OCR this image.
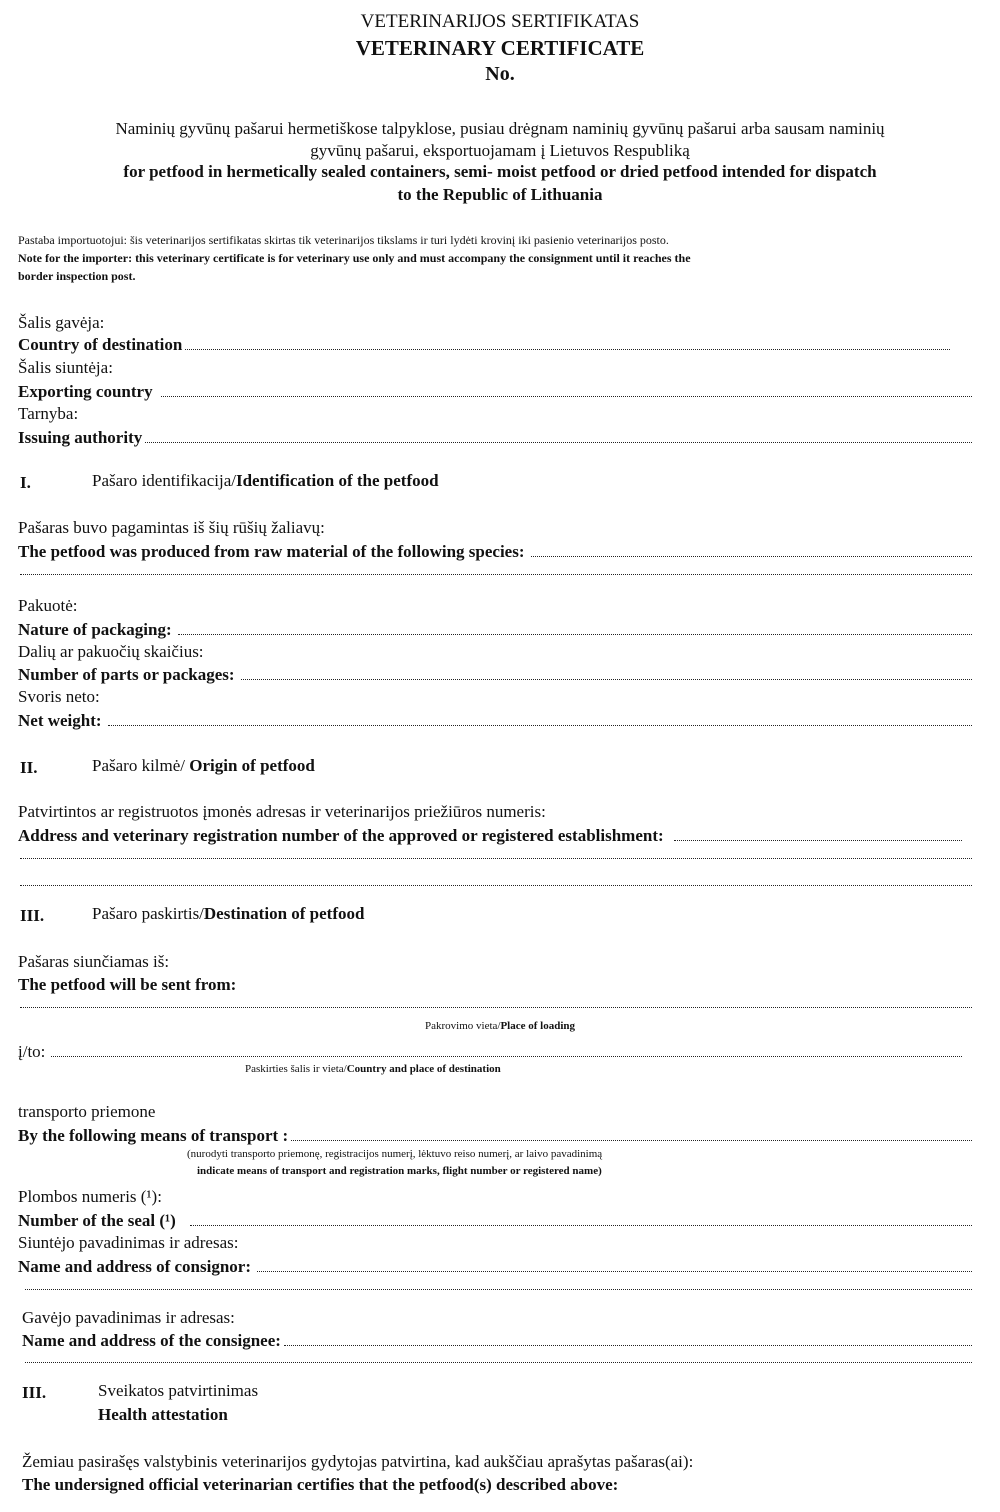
VETERINARIJOS SERTIFIKATAS
VETERINARY CERTIFICATE
No.
Naminių gyvūnų pašarui hermetiškose talpyklose, pusiau drėgnam naminių gyvūnų pašarui arba sausam naminių
gyvūnų pašarui, eksportuojamam į Lietuvos Respubliką
for petfood in hermetically sealed containers, semi- moist petfood or dried petfood intended for dispatch
to the Republic of Lithuania
Pastaba importuotojui: šis veterinarijos sertifikatas skirtas tik veterinarijos tikslams ir turi lydėti krovinį iki pasienio veterinarijos posto.
Note for the importer: this veterinary certificate is for veterinary use only and must accompany the consignment until it reaches the
border inspection post.
Šalis gavėja:
Country of destination
Šalis siuntėja:
Exporting country
Tarnyba:
Issuing authority
I.	Pašaro identifikacija/Identification of the petfood
Pašaras buvo pagamintas iš šių rūšių žaliavų:
The petfood was produced from raw material of the following species:
Pakuotė:
Nature of packaging:
Dalių ar pakuočių skaičius:
Number of parts or packages:
Svoris neto:
Net weight:
II.	Pašaro kilmė/ Origin of petfood
Patvirtintos ar registruotos įmonės adresas ir veterinarijos priežiūros numeris:
Address and veterinary registration number of the approved or registered establishment:
III.	Pašaro paskirtis/Destination of petfood
Pašaras siunčiamas iš:
The petfood will be sent from:
Pakrovimo vieta/Place of loading
į/to:
Paskirties šalis ir vieta/Country and place of destination
transporto priemone
By the following means of transport :
(nurodyti transporto priemonę, registracijos numerį, lėktuvo reiso numerį, ar laivo pavadinimą
indicate means of transport and registration marks, flight number or registered name)
Plombos numeris (¹):
Number of the seal (¹)
Siuntėjo pavadinimas ir adresas:
Name and address of consignor:
Gavėjo pavadinimas ir adresas:
Name and address of the consignee:
III.	Sveikatos patvirtinimas
Health attestation
Žemiau pasirašęs valstybinis veterinarijos gydytojas patvirtina, kad aukščiau aprašytas pašaras(ai):
The undersigned official veterinarian certifies that the petfood(s) described above:
